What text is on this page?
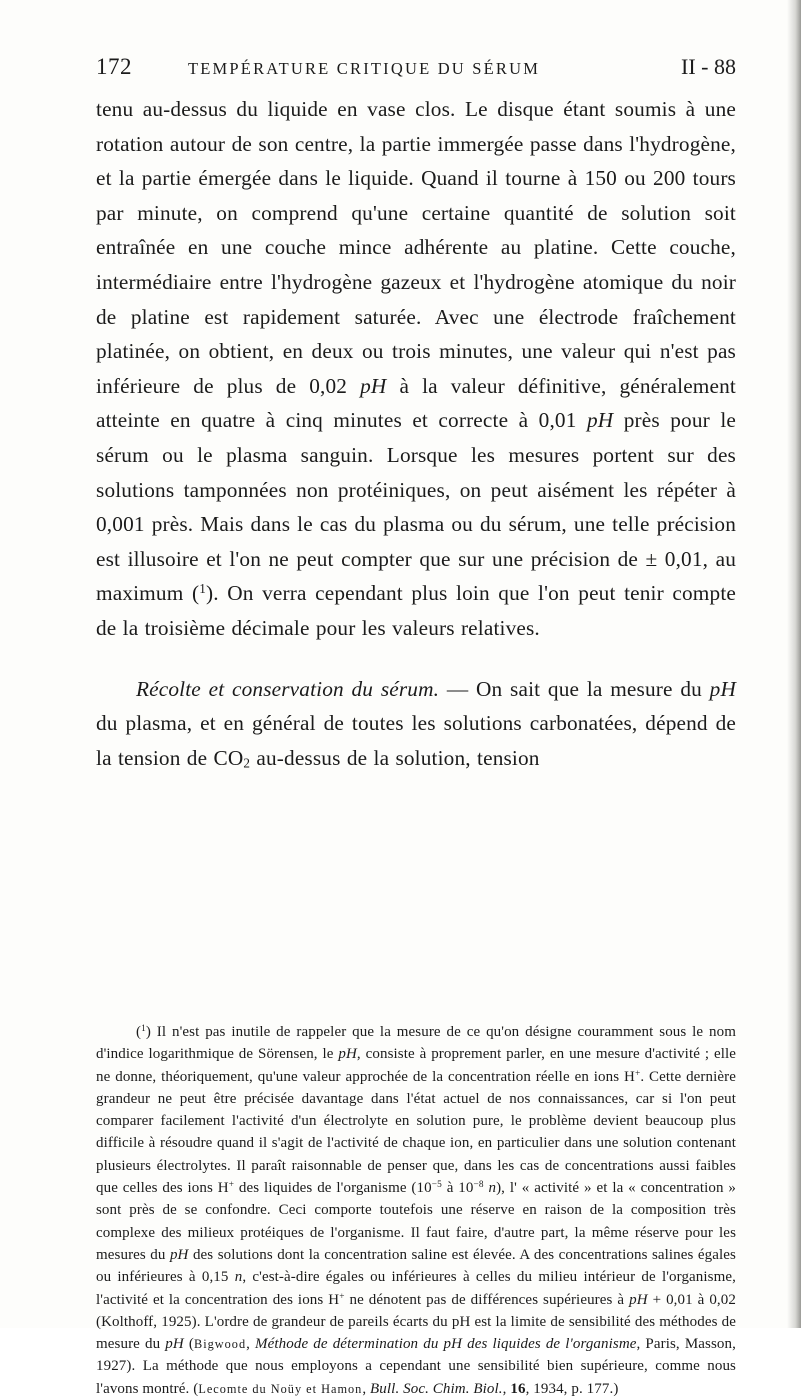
172	TEMPÉRATURE CRITIQUE DU SÉRUM	II - 88

tenu au-dessus du liquide en vase clos. Le disque étant soumis à une rotation autour de son centre, la partie immergée passe dans l'hydrogène, et la partie émergée dans le liquide. Quand il tourne à 150 ou 200 tours par minute, on comprend qu'une certaine quantité de solution soit entraînée en une couche mince adhérente au platine. Cette couche, intermédiaire entre l'hydrogène gazeux et l'hydrogène atomique du noir de platine est rapidement saturée. Avec une électrode fraîchement platinée, on obtient, en deux ou trois minutes, une valeur qui n'est pas inférieure de plus de 0,02 pH à la valeur définitive, généralement atteinte en quatre à cinq minutes et correcte à 0,01 pH près pour le sérum ou le plasma sanguin. Lorsque les mesures portent sur des solutions tamponnées non protéiniques, on peut aisément les répéter à 0,001 près. Mais dans le cas du plasma ou du sérum, une telle précision est illusoire et l'on ne peut compter que sur une précision de ± 0,01, au maximum ($^1$). On verra cependant plus loin que l'on peut tenir compte de la troisième décimale pour les valeurs relatives.

Récolte et conservation du sérum. — On sait que la mesure du pH du plasma, et en général de toutes les solutions carbonatées, dépend de la tension de $CO_2$ au-dessus de la solution, tension

($^1$) Il n'est pas inutile de rappeler que la mesure de ce qu'on désigne couramment sous le nom d'indice logarithmique de Sörensen, le pH, consiste à proprement parler, en une mesure d'activité ; elle ne donne, théoriquement, qu'une valeur approchée de la concentration réelle en ions H+. Cette dernière grandeur ne peut être précisée davantage dans l'état actuel de nos connaissances, car si l'on peut comparer facilement l'activité d'un électrolyte en solution pure, le problème devient beaucoup plus difficile à résoudre quand il s'agit de l'activité de chaque ion, en particulier dans une solution contenant plusieurs électrolytes. Il paraît raisonnable de penser que, dans les cas de concentrations aussi faibles que celles des ions H+ des liquides de l'organisme ($10^{-5}$ à $10^{-8}$ n), l' « activité » et la « concentration » sont près de se confondre. Ceci comporte toutefois une réserve en raison de la composition très complexe des milieux protéiques de l'organisme. Il faut faire, d'autre part, la même réserve pour les mesures du pH des solutions dont la concentration saline est élevée. A des concentrations salines égales ou inférieures à 0,15 n, c'est-à-dire égales ou inférieures à celles du milieu intérieur de l'organisme, l'activité et la concentration des ions H+ ne dénotent pas de différences supérieures à pH + 0,01 à 0,02 (Kolthoff, 1925). L'ordre de grandeur de pareils écarts du pH est la limite de sensibilité des méthodes de mesure du pH (Bigwood, Méthode de détermination du pH des liquides de l'organisme, Paris, Masson, 1927). La méthode que nous employons a cependant une sensibilité bien supérieure, comme nous l'avons montré. (Lecomte du Noüy et Hamon, Bull. Soc. Chim. Biol., 16, 1934, p. 177.)
